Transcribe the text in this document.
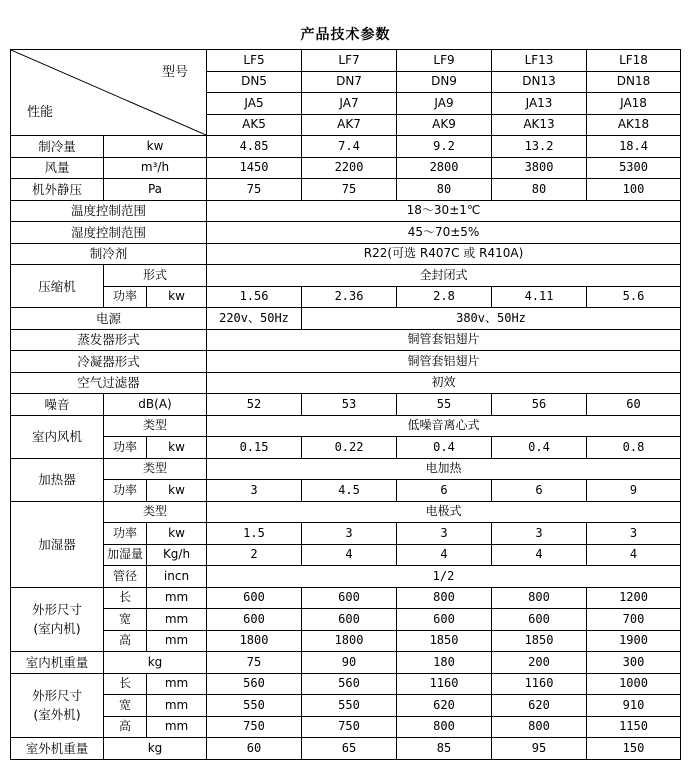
产品技术参数
型号
性能			LF5	LF7	LF9	LF13	LF18
			DN5	DN7	DN9	DN13	DN18
			JA5	JA7	JA9	JA13	JA18
			AK5	AK7	AK9	AK13	AK18
制冷量	kw		4.85	7.4	9.2	13.2	18.4
风量	m³/h		1450	2200	2800	3800	5300
机外静压	Pa		75	75	80	80	100
温度控制范围			18～30±1℃				
湿度控制范围			45～70±5%				
制冷剂			R22(可选 R407C 或 R410A)				
压缩机	形式		全封闭式				
	功率	kw	1.56	2.36	2.8	4.11	5.6
电源			220v、50Hz	380v、50Hz			
蒸发器形式			铜管套铝翅片				
冷凝器形式			铜管套铝翅片				
空气过滤器			初效				
噪音	dB(A)		52	53	55	56	60
室内风机	类型		低噪音离心式				
	功率	kw	0.15	0.22	0.4	0.4	0.8
加热器	类型		电加热				
	功率	kw	3	4.5	6	6	9
加湿器	类型		电极式				
	功率	kw	1.5	3	3	3	3
	加湿量	Kg/h	2	4	4	4	4
	管径	incn	1/2				

外形尺寸
(室内机)	长	mm	600	600	800	800	1200
	宽	mm	600	600	600	600	700
	高	mm	1800	1800	1850	1850	1900
室内机重量	kg		75	90	180	200	300

外形尺寸
(室外机)	长	mm	560	560	1160	1160	1000
	宽	mm	550	550	620	620	910
	高	mm	750	750	800	800	1150
室外机重量	kg		60	65	85	95	150
